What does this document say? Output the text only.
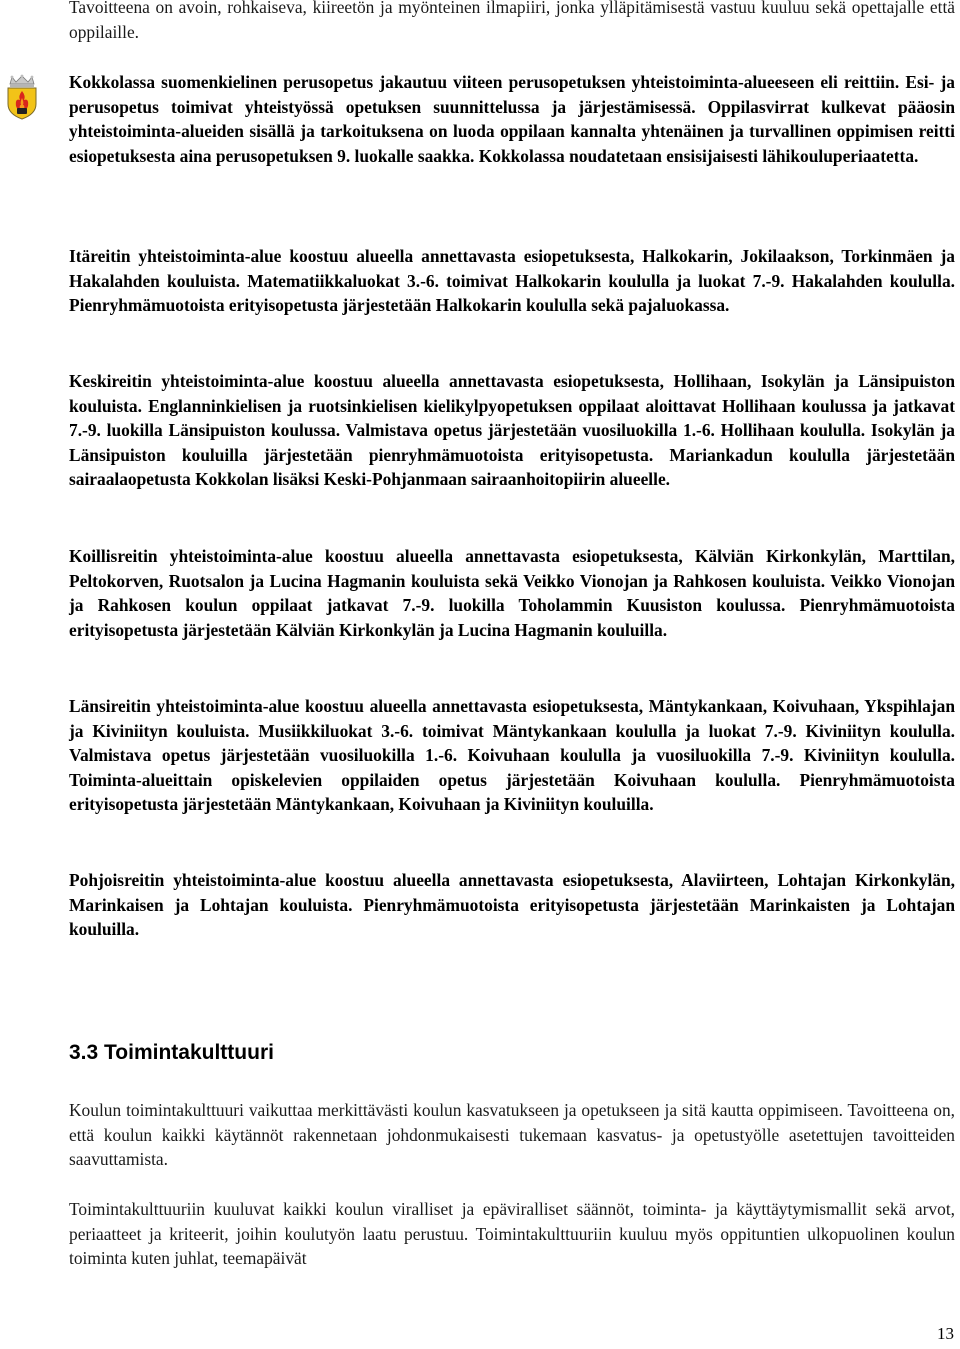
Tavoitteena on avoin, rohkaiseva, kiireetön ja myönteinen ilmapiiri, jonka ylläpitämisestä vastuu kuuluu sekä opettajalle että oppilaille.

Kokkolassa suomenkielinen perusopetus jakautuu viiteen perusopetuksen yhteistoiminta-alueeseen eli reittiin. Esi- ja perusopetus toimivat yhteistyössä opetuksen suunnittelussa ja järjestämisessä. Oppilasvirrat kulkevat pääosin yhteistoiminta-alueiden sisällä ja tarkoituksena on luoda oppilaan kannalta yhtenäinen ja turvallinen oppimisen reitti esiopetuksesta aina perusopetuksen 9. luokalle saakka. Kokkolassa noudatetaan ensisijaisesti lähikouluperiaatetta.

Itäreitin yhteistoiminta-alue koostuu alueella annettavasta esiopetuksesta, Halkokarin, Jokilaakson, Torkinmäen ja Hakalahden kouluista. Matematiikkaluokat 3.-6. toimivat Halkokarin koululla ja luokat 7.-9. Hakalahden koululla. Pienryhmämuotoista erityisopetusta järjestetään Halkokarin koululla sekä pajaluokassa.

Keskireitin yhteistoiminta-alue koostuu alueella annettavasta esiopetuksesta, Hollihaan, Isokylän ja Länsipuiston kouluista. Englanninkielisen ja ruotsinkielisen kielikylpyopetuksen oppilaat aloittavat Hollihaan koulussa ja jatkavat 7.-9. luokilla Länsipuiston koulussa. Valmistava opetus järjestetään vuosiluokilla 1.-6. Hollihaan koululla. Isokylän ja Länsipuiston kouluilla järjestetään pienryhmämuotoista erityisopetusta. Mariankadun koululla järjestetään sairaalaopetusta Kokkolan lisäksi Keski-Pohjanmaan sairaanhoitopiirin alueelle.

Koillisreitin yhteistoiminta-alue koostuu alueella annettavasta esiopetuksesta, Kälviän Kirkonkylän, Marttilan, Peltokorven, Ruotsalon ja Lucina Hagmanin kouluista sekä Veikko Vionojan ja Rahkosen kouluista. Veikko Vionojan ja Rahkosen koulun oppilaat jatkavat 7.-9. luokilla Toholammin Kuusiston koulussa. Pienryhmämuotoista erityisopetusta järjestetään Kälviän Kirkonkylän ja Lucina Hagmanin kouluilla.

Länsireitin yhteistoiminta-alue koostuu alueella annettavasta esiopetuksesta, Mäntykankaan, Koivuhaan, Ykspihlajan ja Kiviniityn kouluista. Musiikkiluokat 3.-6. toimivat Mäntykankaan koululla ja luokat 7.-9. Kiviniityn koululla. Valmistava opetus järjestetään vuosiluokilla 1.-6. Koivuhaan koululla ja vuosiluokilla 7.-9. Kiviniityn koululla. Toiminta-alueittain opiskelevien oppilaiden opetus järjestetään Koivuhaan koululla. Pienryhmämuotoista erityisopetusta järjestetään Mäntykankaan, Koivuhaan ja Kiviniityn kouluilla.

Pohjoisreitin yhteistoiminta-alue koostuu alueella annettavasta esiopetuksesta, Alaviirteen, Lohtajan Kirkonkylän, Marinkaisen ja Lohtajan kouluista. Pienryhmämuotoista erityisopetusta järjestetään Marinkaisten ja Lohtajan kouluilla.

3.3 Toimintakulttuuri

Koulun toimintakulttuuri vaikuttaa merkittävästi koulun kasvatukseen ja opetukseen ja sitä kautta oppimiseen. Tavoitteena on, että koulun kaikki käytännöt rakennetaan johdonmukaisesti tukemaan kasvatus- ja opetustyölle asetettujen tavoitteiden saavuttamista.

Toimintakulttuuriin kuuluvat kaikki koulun viralliset ja epäviralliset säännöt, toiminta- ja käyttäytymismallit sekä arvot, periaatteet ja kriteerit, joihin koulutyön laatu perustuu. Toimintakulttuuriin kuuluu myös oppituntien ulkopuolinen koulun toiminta kuten juhlat, teemapäivät

13
